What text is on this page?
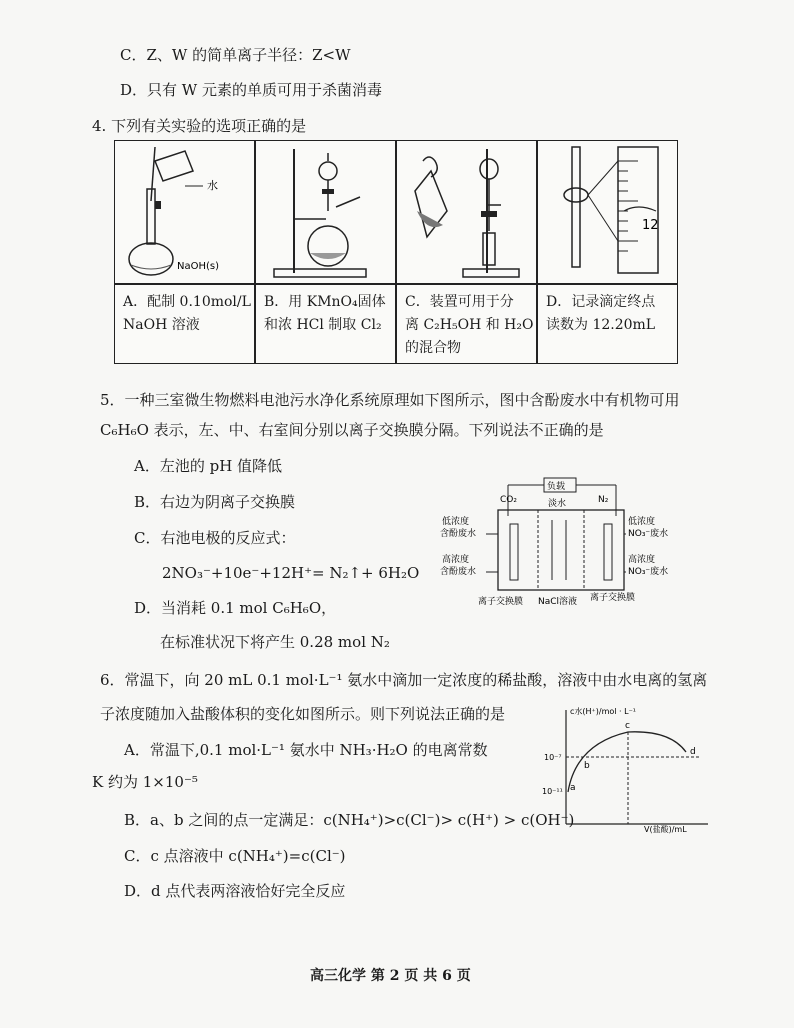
C．Z、W 的简单离子半径：Z<W
D．只有 W 元素的单质可用于杀菌消毒
4. 下列有关实验的选项正确的是
水
NaOH(s)
12
A．配制 0.10mol/L
NaOH 溶液
B．用 KMnO₄固体
和浓 HCl 制取 Cl₂
C．装置可用于分
离 C₂H₅OH 和 H₂O
的混合物
D．记录滴定终点
读数为 12.20mL
5．一种三室微生物燃料电池污水净化系统原理如下图所示，图中含酚废水中有机物可用
C₆H₆O 表示，左、中、右室间分别以离子交换膜分隔。下列说法不正确的是
A．左池的 pH 值降低
B．右边为阴离子交换膜
C．右池电极的反应式：
2NO₃⁻+10e⁻+12H⁺= N₂↑+ 6H₂O
D．当消耗 0.1 mol C₆H₆O，
在标准状况下将产生 0.28 mol N₂
负载
CO₂	N₂
淡水
低浓度
含酚废水
高浓度
含酚废水
低浓度
NO₃⁻废水
高浓度
NO₃⁻废水
离子交换膜 NaCl溶液 离子交换膜
6．常温下，向 20 mL 0.1 mol·L⁻¹ 氨水中滴加一定浓度的稀盐酸，溶液中由水电离的氢离
子浓度随加入盐酸体积的变化如图所示。则下列说法正确的是
A．常温下,0.1 mol·L⁻¹ 氨水中 NH₃·H₂O 的电离常数
K 约为 1×10⁻⁵
B．a、b 之间的点一定满足：c(NH₄⁺)>c(Cl⁻)> c(H⁺) > c(OH⁻)
C．c 点溶液中 c(NH₄⁺)=c(Cl⁻)
D．d 点代表两溶液恰好完全反应
c水(H⁺)/mol · L⁻¹
V(盐酸)/mL
10⁻⁷
10⁻¹¹ a
b
c
d
高三化学 第 2 页 共 6 页
